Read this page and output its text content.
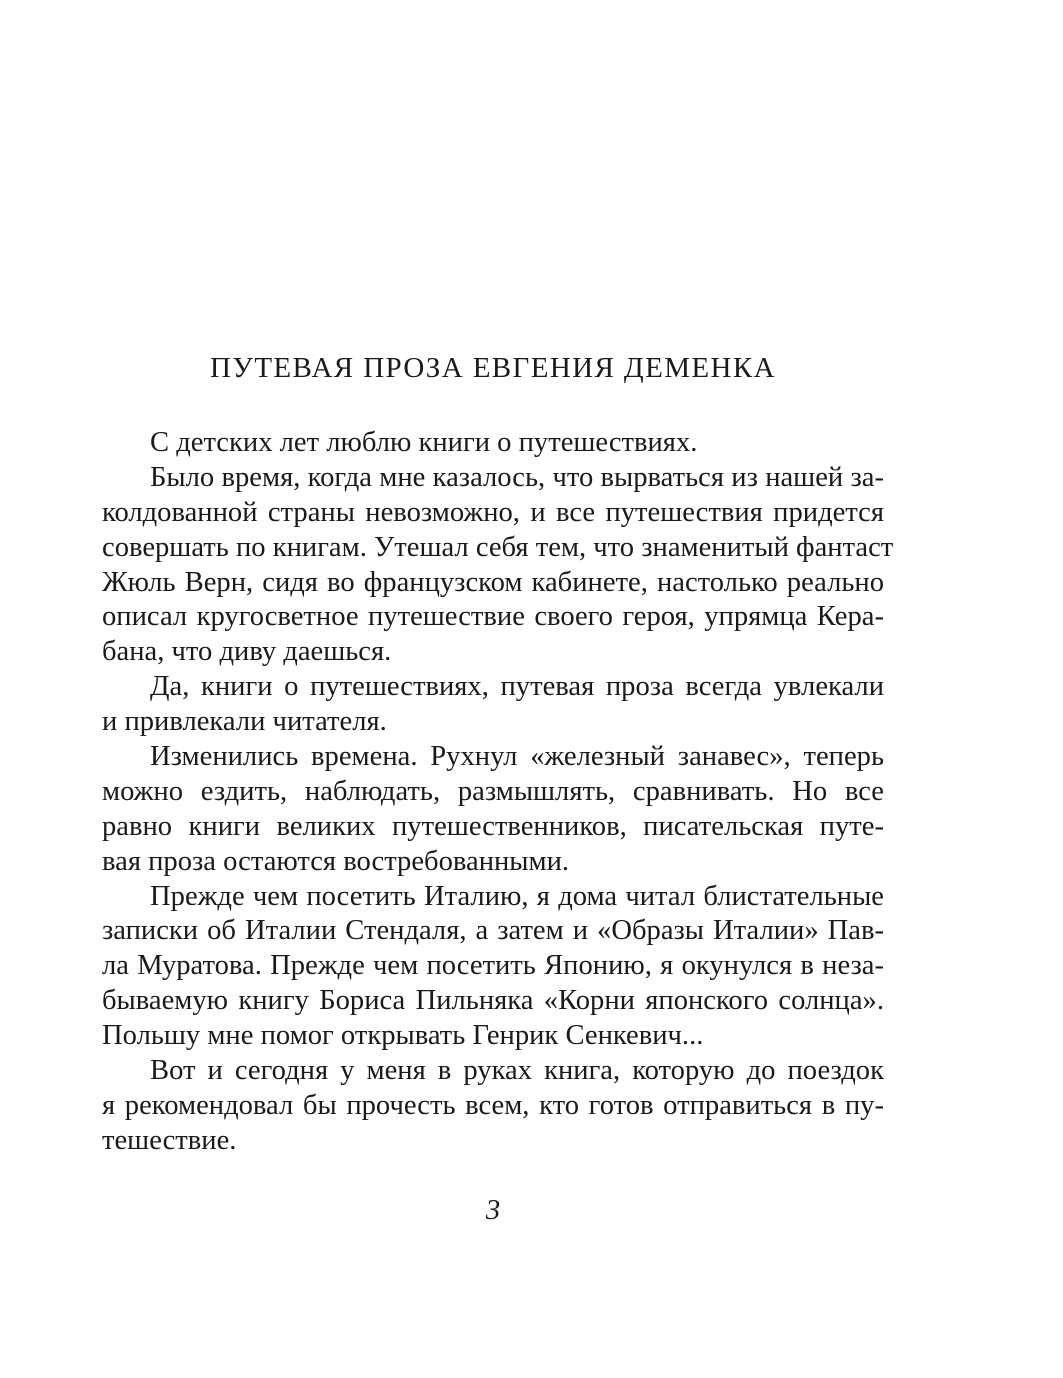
ПУТЕВАЯ ПРОЗА ЕВГЕНИЯ ДЕМЕНКА
С детских лет люблю книги о путешествиях.
Было время, когда мне казалось, что вырваться из нашей за-
колдованной страны невозможно, и все путешествия придется
совершать по книгам. Утешал себя тем, что знаменитый фантаст
Жюль Верн, сидя во французском кабинете, настолько реально
описал кругосветное путешествие своего героя, упрямца Кера-
бана, что диву даешься.
Да, книги о путешествиях, путевая проза всегда увлекали
и привлекали читателя.
Изменились времена. Рухнул «железный занавес», теперь
можно ездить, наблюдать, размышлять, сравнивать. Но все
равно книги великих путешественников, писательская путе-
вая проза остаются востребованными.
Прежде чем посетить Италию, я дома читал блистательные
записки об Италии Стендаля, а затем и «Образы Италии» Пав-
ла Муратова. Прежде чем посетить Японию, я окунулся в неза-
бываемую книгу Бориса Пильняка «Корни японского солнца».
Польшу мне помог открывать Генрик Сенкевич...
Вот и сегодня у меня в руках книга, которую до поездок
я рекомендовал бы прочесть всем, кто готов отправиться в пу-
тешествие.
3
